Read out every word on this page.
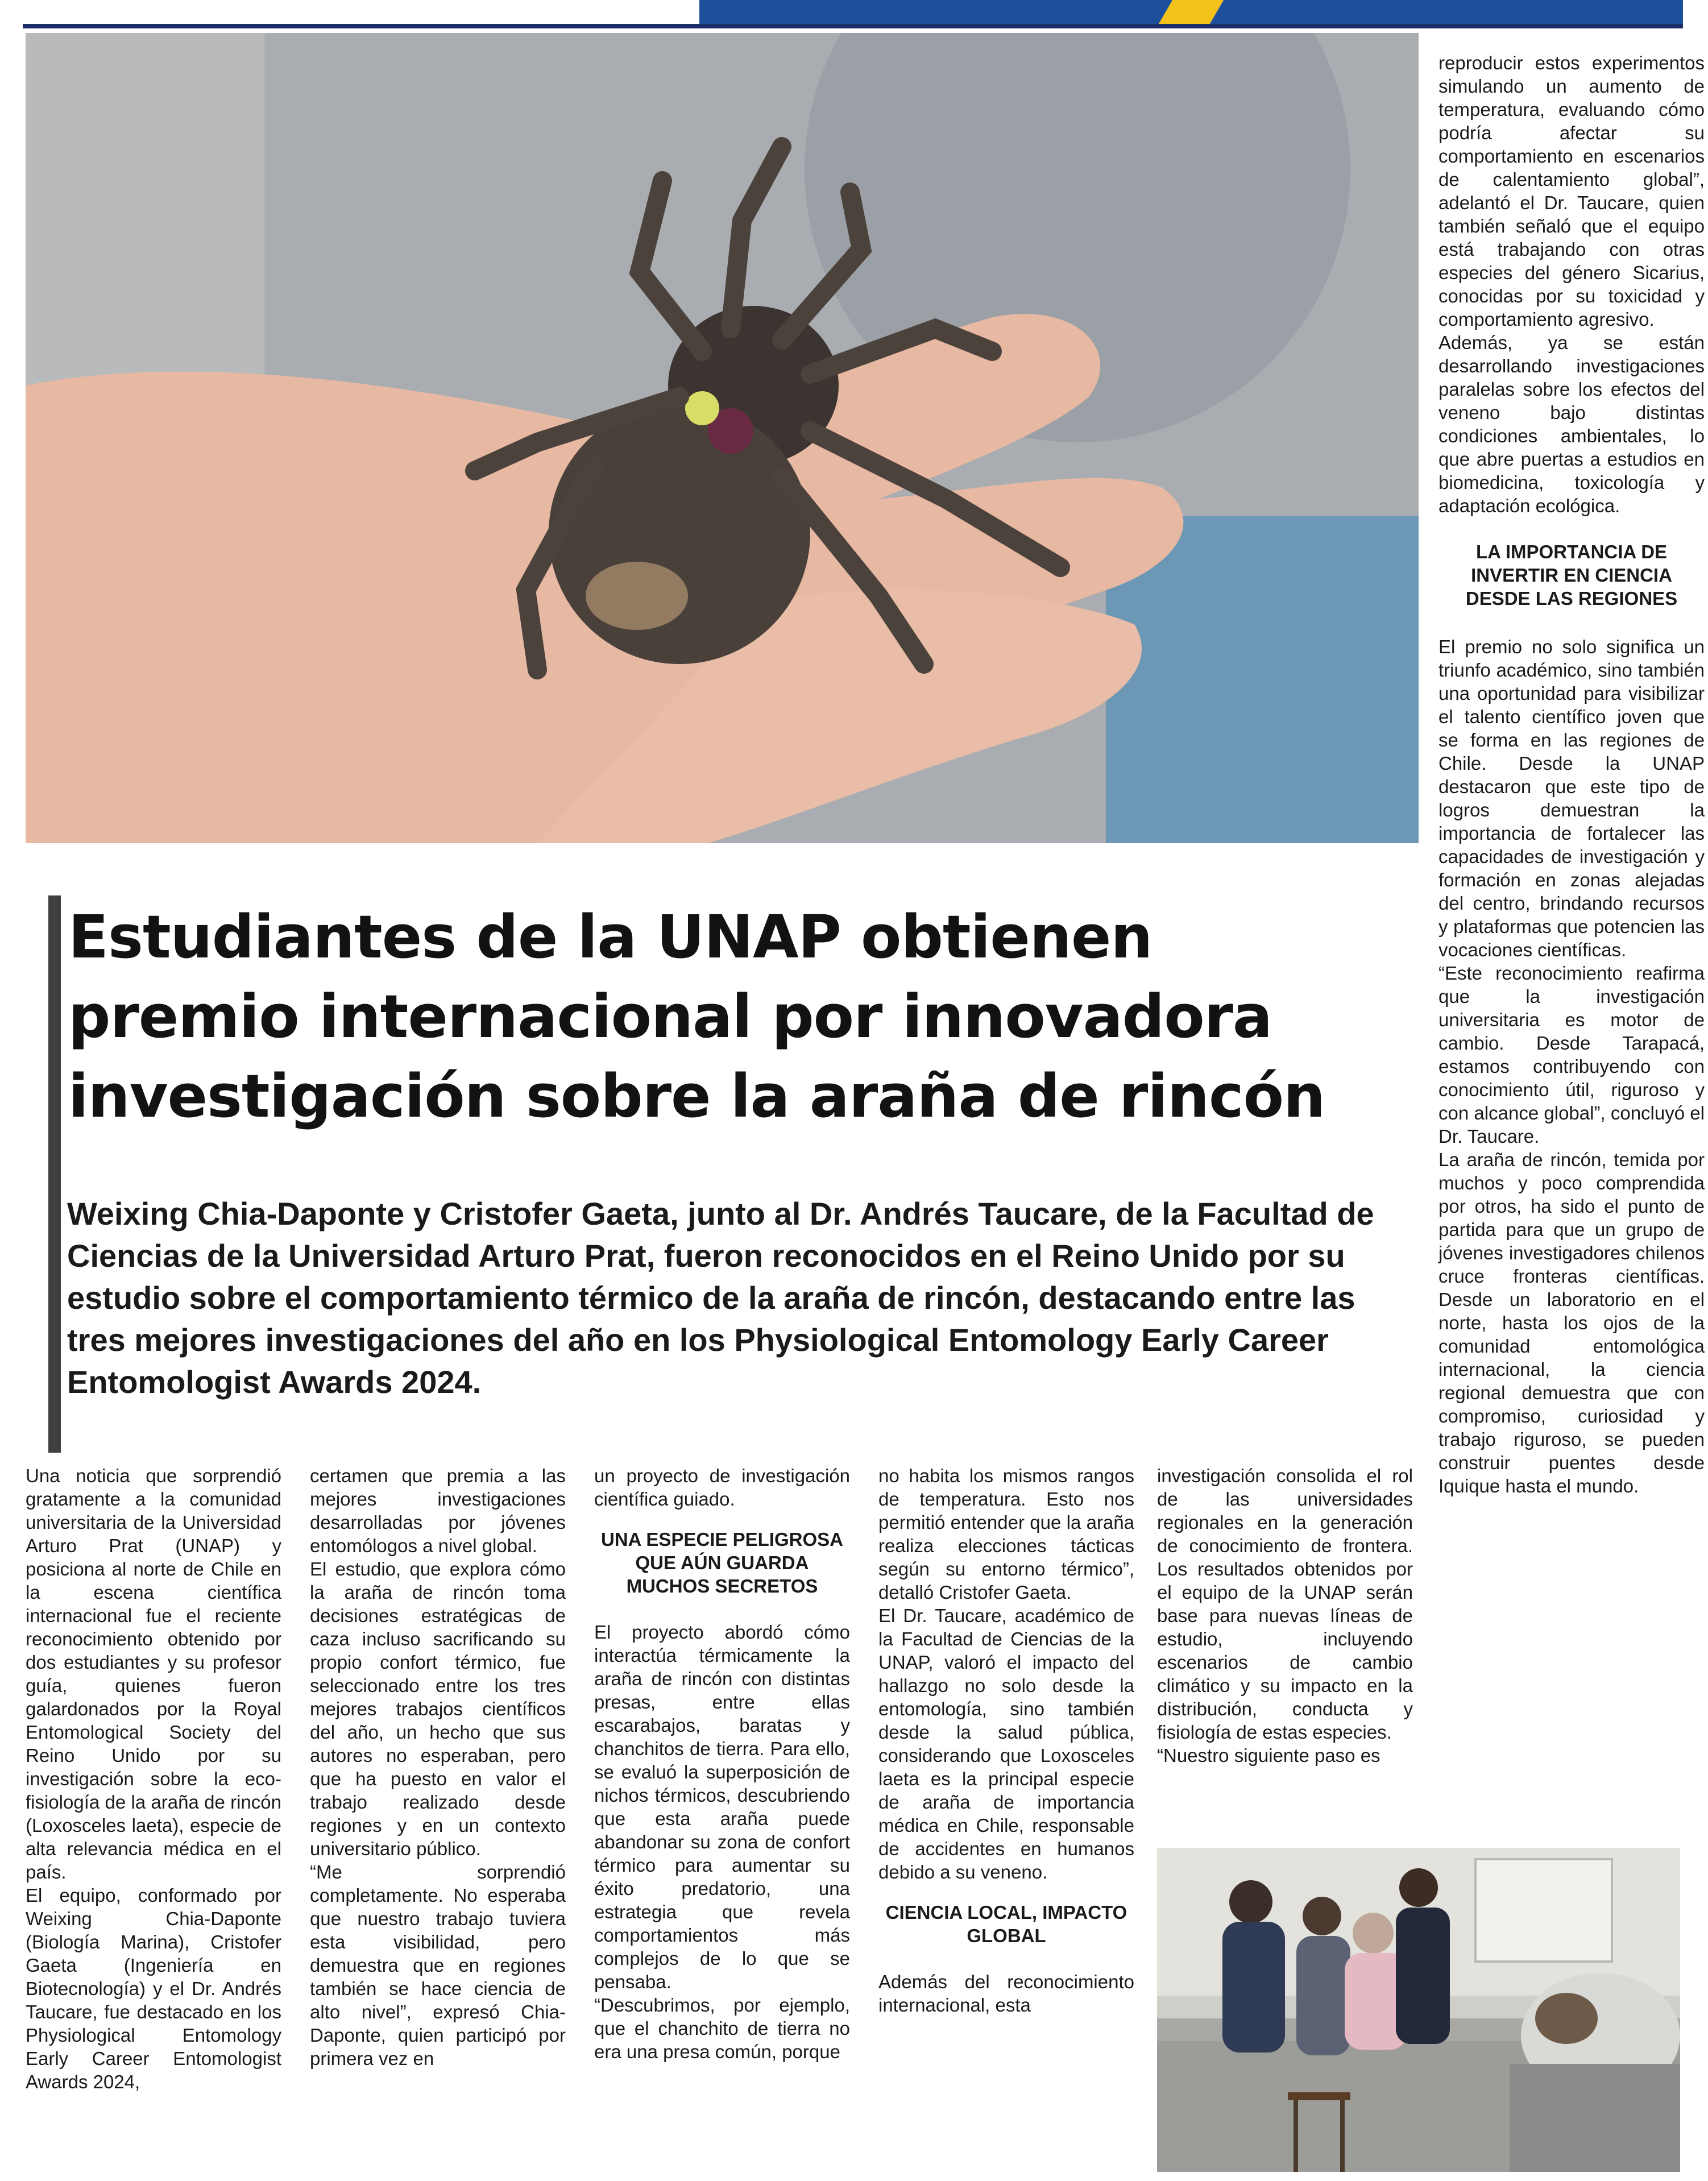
Estudiantes de la UNAP obtienen premio internacional por innovadora investigación sobre la araña de rincón

Weixing Chia-Daponte y Cristofer Gaeta, junto al Dr. Andrés Taucare, de la Facultad de Ciencias de la Universidad Arturo Prat, fueron reconocidos en el Reino Unido por su estudio sobre el comportamiento térmico de la araña de rincón, destacando entre las tres mejores investigaciones del año en los Physiological Entomology Early Career Entomologist Awards 2024.

Una noticia que sorprendió gratamente a la comunidad universitaria de la Universidad Arturo Prat (UNAP) y posiciona al norte de Chile en la escena científica internacional fue el reciente reconocimiento obtenido por dos estudiantes y su profesor guía, quienes fueron galardonados por la Royal Entomological Society del Reino Unido por su investigación sobre la eco-fisiología de la araña de rincón (Loxosceles laeta), especie de alta relevancia médica en el país.

El equipo, conformado por Weixing Chia-Daponte (Biología Marina), Cristofer Gaeta (Ingeniería en Biotecnología) y el Dr. Andrés Taucare, fue destacado en los Physiological Entomology Early Career Entomologist Awards 2024,

certamen que premia a las mejores investigaciones desarrolladas por jóvenes entomólogos a nivel global.

El estudio, que explora cómo la araña de rincón toma decisiones estratégicas de caza incluso sacrificando su propio confort térmico, fue seleccionado entre los tres mejores trabajos científicos del año, un hecho que sus autores no esperaban, pero que ha puesto en valor el trabajo realizado desde regiones y en un contexto universitario público.

“Me sorprendió completamente. No esperaba que nuestro trabajo tuviera esta visibilidad, pero demuestra que en regiones también se hace ciencia de alto nivel”, expresó Chia-Daponte, quien participó por primera vez en

un proyecto de investigación científica guiado.

UNA ESPECIE PELIGROSA QUE AÚN GUARDA MUCHOS SECRETOS

El proyecto abordó cómo interactúa térmicamente la araña de rincón con distintas presas, entre ellas escarabajos, baratas y chanchitos de tierra. Para ello, se evaluó la superposición de nichos térmicos, descubriendo que esta araña puede abandonar su zona de confort térmico para aumentar su éxito predatorio, una estrategia que revela comportamientos más complejos de lo que se pensaba.

“Descubrimos, por ejemplo, que el chanchito de tierra no era una presa común, porque

no habita los mismos rangos de temperatura. Esto nos permitió entender que la araña realiza elecciones tácticas según su entorno térmico”, detalló Cristofer Gaeta.

El Dr. Taucare, académico de la Facultad de Ciencias de la UNAP, valoró el impacto del hallazgo no solo desde la entomología, sino también desde la salud pública, considerando que Loxosceles laeta es la principal especie de araña de importancia médica en Chile, responsable de accidentes en humanos debido a su veneno.

CIENCIA LOCAL, IMPACTO GLOBAL

Además del reconocimiento internacional, esta

investigación consolida el rol de las universidades regionales en la generación de conocimiento de frontera. Los resultados obtenidos por el equipo de la UNAP serán base para nuevas líneas de estudio, incluyendo escenarios de cambio climático y su impacto en la distribución, conducta y fisiología de estas especies.

“Nuestro siguiente paso es

reproducir estos experimentos simulando un aumento de temperatura, evaluando cómo podría afectar su comportamiento en escenarios de calentamiento global”, adelantó el Dr. Taucare, quien también señaló que el equipo está trabajando con otras especies del género Sicarius, conocidas por su toxicidad y comportamiento agresivo.

Además, ya se están desarrollando investigaciones paralelas sobre los efectos del veneno bajo distintas condiciones ambientales, lo que abre puertas a estudios en biomedicina, toxicología y adaptación ecológica.

LA IMPORTANCIA DE INVERTIR EN CIENCIA DESDE LAS REGIONES

El premio no solo significa un triunfo académico, sino también una oportunidad para visibilizar el talento científico joven que se forma en las regiones de Chile. Desde la UNAP destacaron que este tipo de logros demuestran la importancia de fortalecer las capacidades de investigación y formación en zonas alejadas del centro, brindando recursos y plataformas que potencien las vocaciones científicas.

“Este reconocimiento reafirma que la investigación universitaria es motor de cambio. Desde Tarapacá, estamos contribuyendo con conocimiento útil, riguroso y con alcance global”, concluyó el Dr. Taucare.

La araña de rincón, temida por muchos y poco comprendida por otros, ha sido el punto de partida para que un grupo de jóvenes investigadores chilenos cruce fronteras científicas. Desde un laboratorio en el norte, hasta los ojos de la comunidad entomológica internacional, la ciencia regional demuestra que con compromiso, curiosidad y trabajo riguroso, se pueden construir puentes desde Iquique hasta el mundo.
